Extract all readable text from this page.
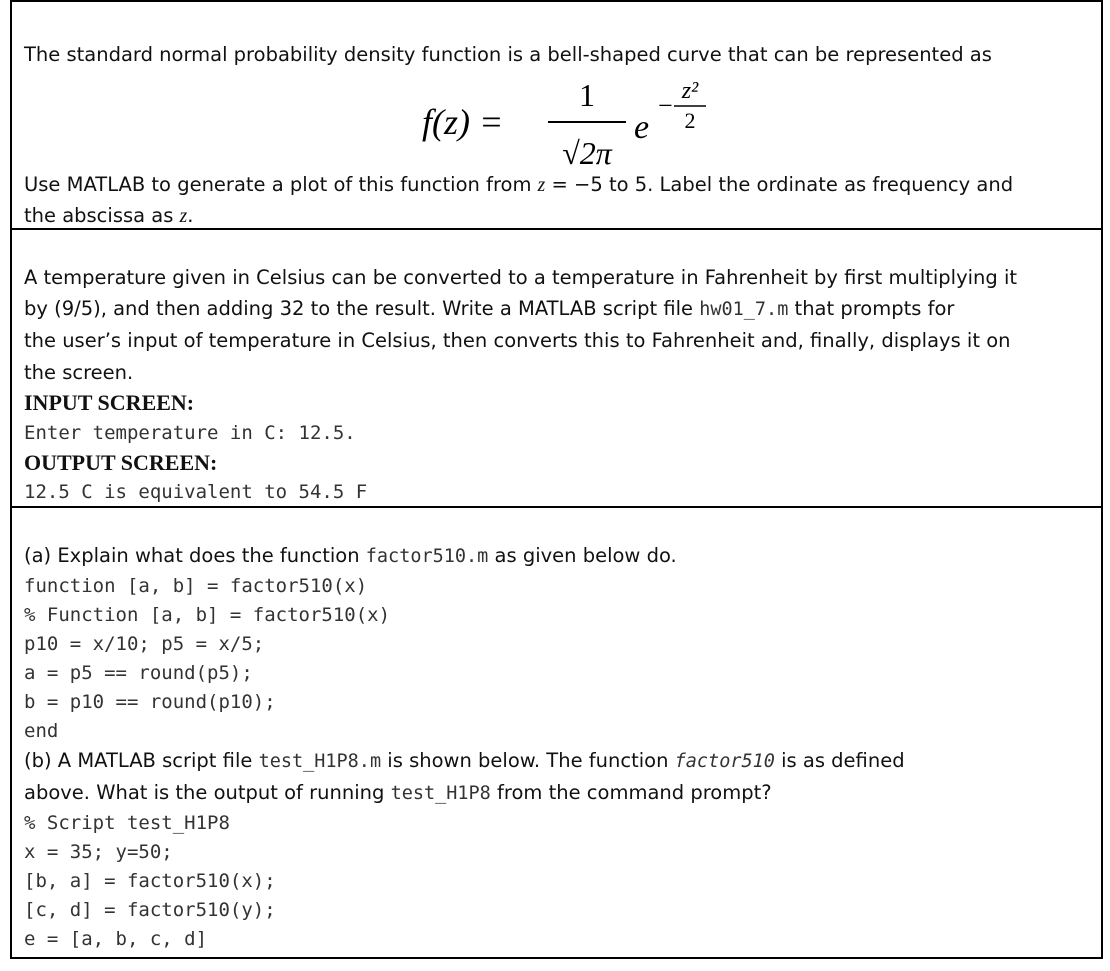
The standard normal probability density function is a bell-shaped curve that can be represented as
f(z) =
1
√2π
e
− z²
2
Use MATLAB to generate a plot of this function from z = −5 to 5. Label the ordinate as frequency and
the abscissa as z.
A temperature given in Celsius can be converted to a temperature in Fahrenheit by first multiplying it
by (9/5), and then adding 32 to the result. Write a MATLAB script file hw01_7.m that prompts for
the user’s input of temperature in Celsius, then converts this to Fahrenheit and, finally, displays it on
the screen.
INPUT SCREEN:
Enter temperature in C: 12.5.
OUTPUT SCREEN:
12.5 C is equivalent to 54.5 F
(a) Explain what does the function factor510.m as given below do.
function [a, b] = factor510(x)
% Function [a, b] = factor510(x)
p10 = x/10; p5 = x/5;
a = p5 == round(p5);
b = p10 == round(p10);
end
(b) A MATLAB script file test_H1P8.m is shown below. The function factor510 is as defined
above. What is the output of running test_H1P8 from the command prompt?
% Script test_H1P8
x = 35; y=50;
[b, a] = factor510(x);
[c, d] = factor510(y);
e = [a, b, c, d]
